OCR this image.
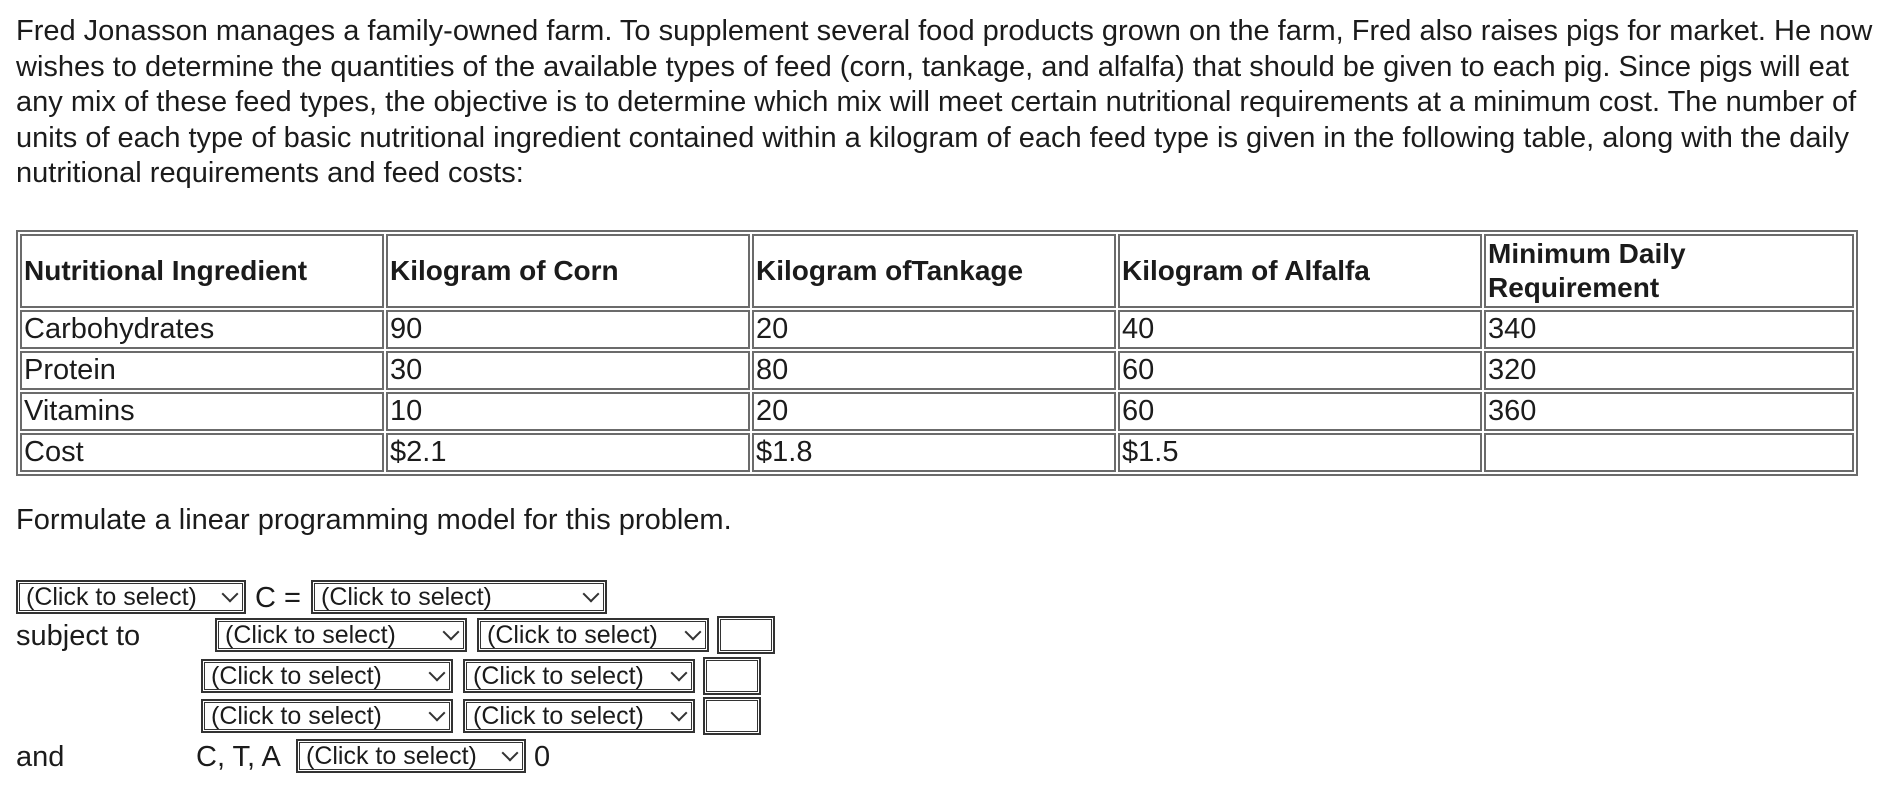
Fred Jonasson manages a family-owned farm. To supplement several food products grown on the farm, Fred also raises pigs for market. He now wishes to determine the quantities of the available types of feed (corn, tankage, and alfalfa) that should be given to each pig. Since pigs will eat any mix of these feed types, the objective is to determine which mix will meet certain nutritional requirements at a minimum cost. The number of units of each type of basic nutritional ingredient contained within a kilogram of each feed type is given in the following table, along with the daily nutritional requirements and feed costs:

Nutritional Ingredient	Kilogram of Corn	Kilogram ofTankage	Kilogram of Alfalfa	Minimum Daily Requirement
Carbohydrates	90	20	40	340
Protein	30	80	60	320
Vitamins	10	20	60	360
Cost	$2.1	$1.8	$1.5	

Formulate a linear programming model for this problem.

(Click to select) C = (Click to select)
subject to	(Click to select)	(Click to select)
(Click to select)	(Click to select)
(Click to select)	(Click to select)
and	C, T, A (Click to select) 0
